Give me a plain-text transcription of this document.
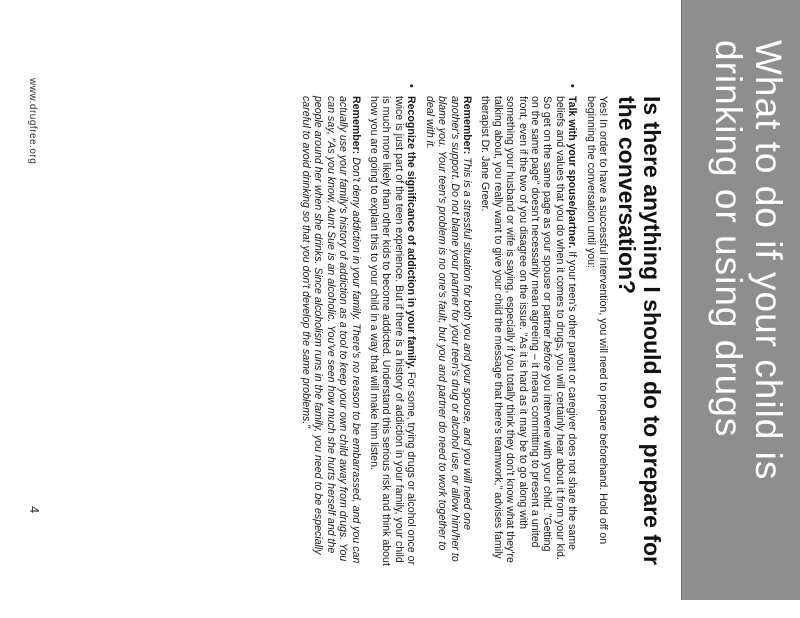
What to do if your child is drinking or using drugs
Is there anything I should do to prepare for the conversation?

Yes! In order to have a successful intervention, you will need to prepare beforehand. Hold off on beginning the conversation until you:

•
Talk with your spouse/partner. If your teen's other parent or caregiver does not share the same beliefs and values that you do when it comes to drugs, you will certainly hear about it from your kid. So get on the same page as your spouse or partner before you intervene with your child. "Getting on the same page" doesn't necessarily mean agreeing – it means committing to present a united front, even if the two of you disagree on the issue. "As it is hard as it may be to go along with something your husband or wife is saying, especially if you totally think they don't know what they're talking about, you really want to give your child the message that there's teamwork," advises family therapist Dr. Jane Greer.

Remember: This is a stressful situation for both you and your spouse, and you will need one another's support. Do not blame your partner for your teen's drug or alcohol use, or allow him/her to blame you. Your teen's problem is no one's fault, but you and partner do need to work together to deal with it.

•
Recognize the significance of addiction in your family. For some, trying drugs or alcohol once or twice is just part of the teen experience. But if there is a history of addiction in your family, your child is much more likely than other kids to become addicted. Understand this serious risk and think about how you are going to explain this to your child in a way that will make him listen.

Remember: Don't deny addiction in your family. There's no reason to be embarrassed, and you can actually use your family's history of addiction as a tool to keep your own child away from drugs. You can say, "As you know, Aunt Sue is an alcoholic. You've seen how much she hurts herself and the people around her when she drinks. Since alcoholism runs in the family, you need to be especially careful to avoid drinking so that you don't develop the same problems."

www.drugfree.org
4
